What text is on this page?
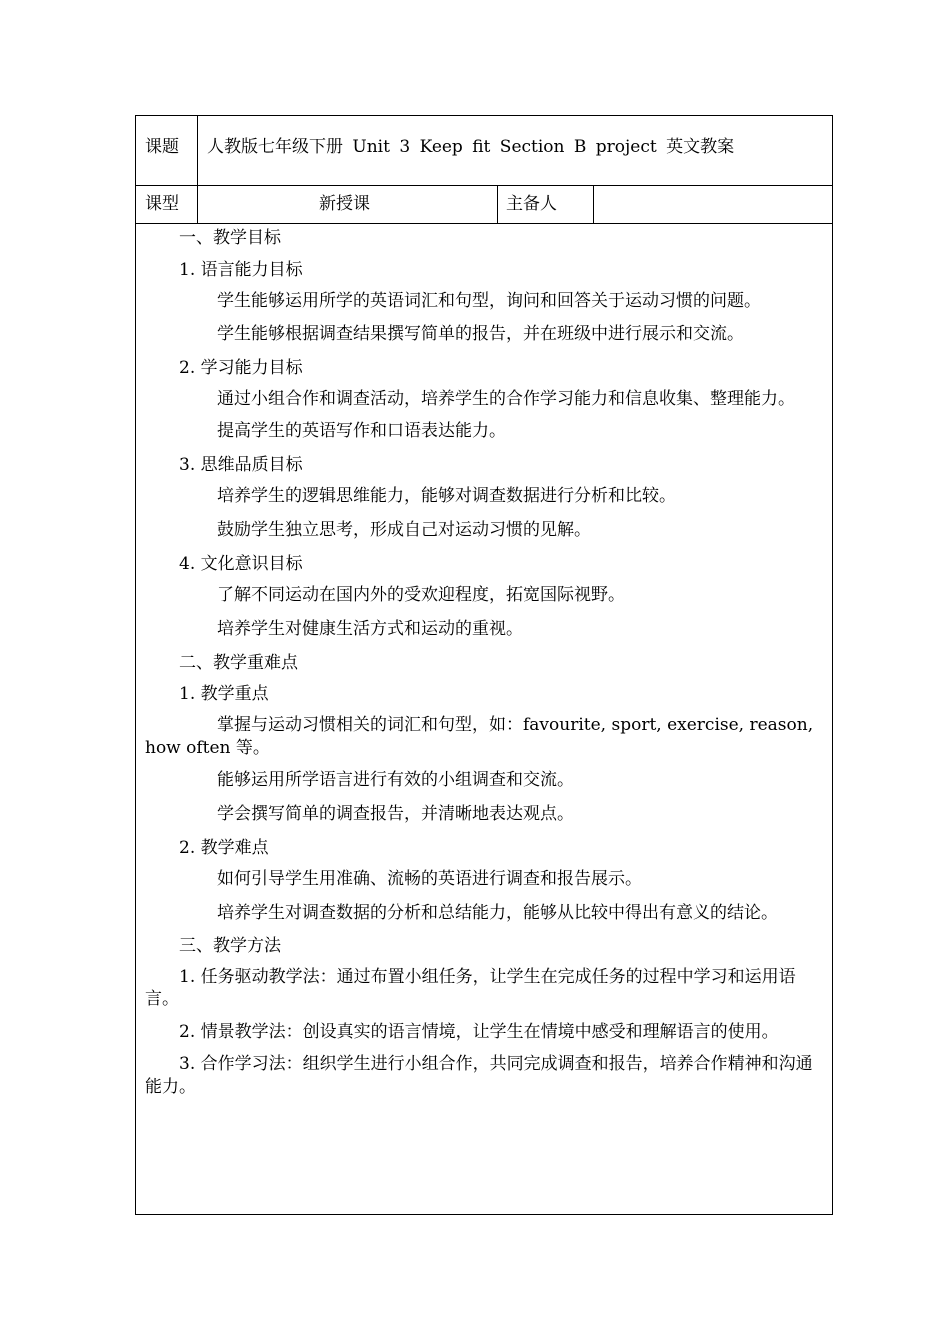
课题 人教版七年级下册 Unit 3 Keep fit Section B project 英文教案
课型	新授课	主备人

一、教学目标

1. 语言能力目标

学生能够运用所学的英语词汇和句型，询问和回答关于运动习惯的问题。

学生能够根据调查结果撰写简单的报告，并在班级中进行展示和交流。

2. 学习能力目标

通过小组合作和调查活动，培养学生的合作学习能力和信息收集、整理能力。

提高学生的英语写作和口语表达能力。

3. 思维品质目标

培养学生的逻辑思维能力，能够对调查数据进行分析和比较。

鼓励学生独立思考，形成自己对运动习惯的见解。

4. 文化意识目标

了解不同运动在国内外的受欢迎程度，拓宽国际视野。

培养学生对健康生活方式和运动的重视。

二、教学重难点

1. 教学重点

掌握与运动习惯相关的词汇和句型，如：favourite, sport, exercise, reason, how often 等。

能够运用所学语言进行有效的小组调查和交流。

学会撰写简单的调查报告，并清晰地表达观点。

2. 教学难点

如何引导学生用准确、流畅的英语进行调查和报告展示。

培养学生对调查数据的分析和总结能力，能够从比较中得出有意义的结论。

三、教学方法

1. 任务驱动教学法：通过布置小组任务，让学生在完成任务的过程中学习和运用语言。

2. 情景教学法：创设真实的语言情境，让学生在情境中感受和理解语言的使用。

3. 合作学习法：组织学生进行小组合作，共同完成调查和报告，培养合作精神和沟通能力。
